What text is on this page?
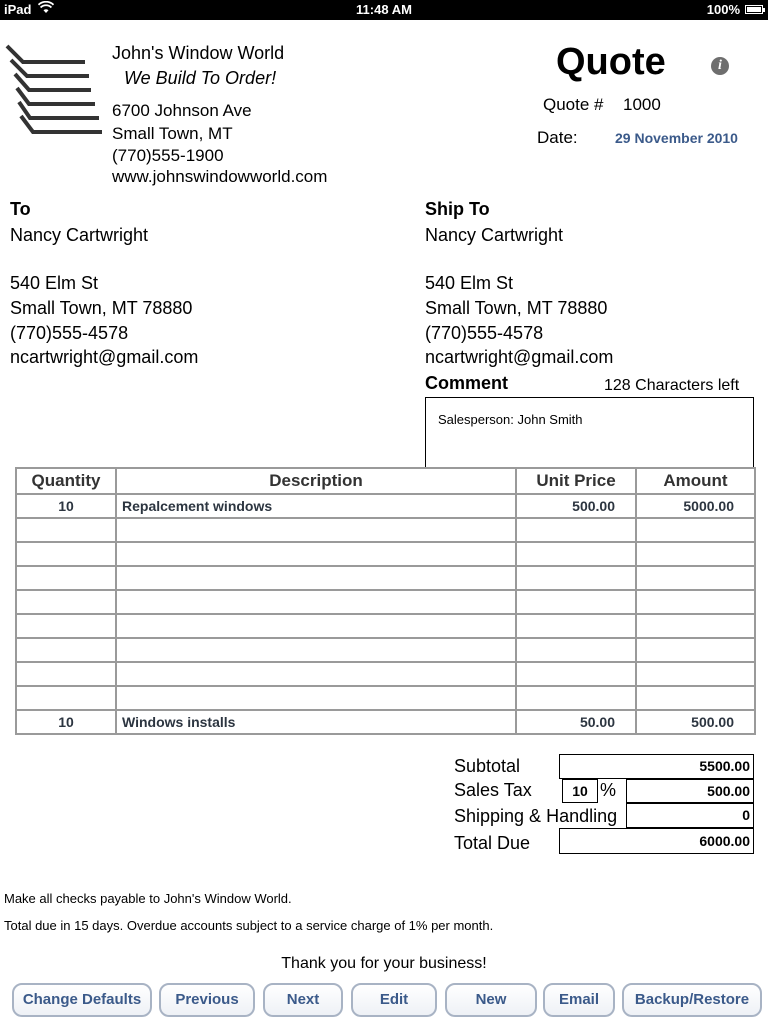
iPad	11:48 AM	100%
John's Window World
We Build To Order!
6700 Johnson Ave
Small Town, MT
(770)555-1900
www.johnswindowworld.com
Quote	i
Quote # 1000
Date:	29 November 2010
To
Nancy Cartwright
540 Elm St
Small Town, MT 78880
(770)555-4578
ncartwright@gmail.com
Ship To
Nancy Cartwright
540 Elm St
Small Town, MT 78880
(770)555-4578
ncartwright@gmail.com
Comment	128 Characters left
Salesperson: John Smith
Quantity	Description	Unit Price	Amount
10	Repalcement windows	500.00	5000.00

10	Windows installs	50.00	500.00
Subtotal	5500.00
Sales Tax	10 %	500.00
Shipping & Handling	0
Total Due	6000.00
Make all checks payable to John's Window World.
Total due in 15 days. Overdue accounts subject to a service charge of 1% per month.
Thank you for your business!
Change Defaults	Previous	Next	Edit	New	Email	Backup/Restore
